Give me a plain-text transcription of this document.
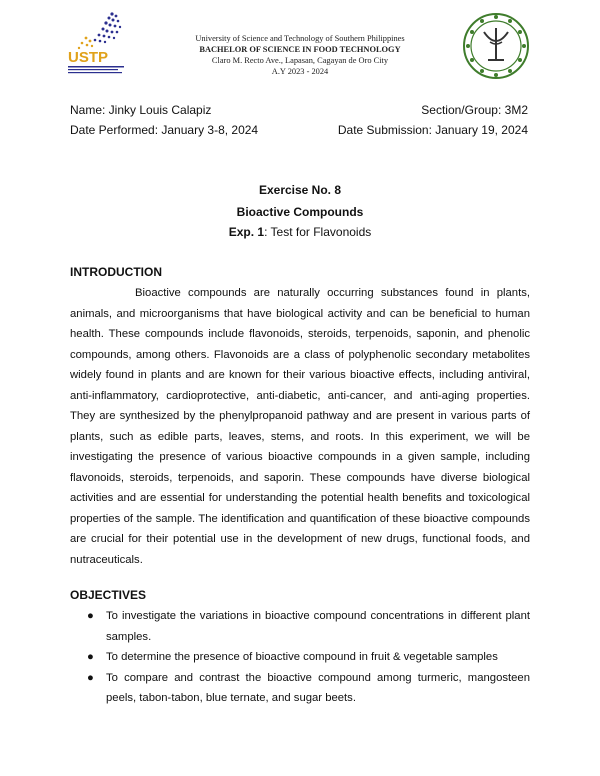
USTP
University of Science and Technology of Southern Philippines
BACHELOR OF SCIENCE IN FOOD TECHNOLOGY
Claro M. Recto Ave., Lapasan, Cagayan de Oro City
A.Y 2023 - 2024
Name: Jinky Louis Calapiz	Section/Group: 3M2
Date Performed: January 3-8, 2024	Date Submission: January 19, 2024
Exercise No. 8
Bioactive Compounds
Exp. 1: Test for Flavonoids
INTRODUCTION

Bioactive compounds are naturally occurring substances found in plants, animals, and microorganisms that have biological activity and can be beneficial to human health. These compounds include flavonoids, steroids, terpenoids, saponin, and phenolic compounds, among others. Flavonoids are a class of polyphenolic secondary metabolites widely found in plants and are known for their various bioactive effects, including antiviral, anti-inflammatory, cardioprotective, anti-diabetic, anti-cancer, and anti-aging properties. They are synthesized by the phenylpropanoid pathway and are present in various parts of plants, such as edible parts, leaves, stems, and roots. In this experiment, we will be investigating the presence of various bioactive compounds in a given sample, including flavonoids, steroids, terpenoids, and saporin. These compounds have diverse biological activities and are essential for understanding the potential health benefits and toxicological properties of the sample. The identification and quantification of these bioactive compounds are crucial for their potential use in the development of new drugs, functional foods, and nutraceuticals.

OBJECTIVES
● To investigate the variations in bioactive compound concentrations in different plant samples.
● To determine the presence of bioactive compound in fruit & vegetable samples
● To compare and contrast the bioactive compound among turmeric, mangosteen peels, tabon-tabon, blue ternate, and sugar beets.
